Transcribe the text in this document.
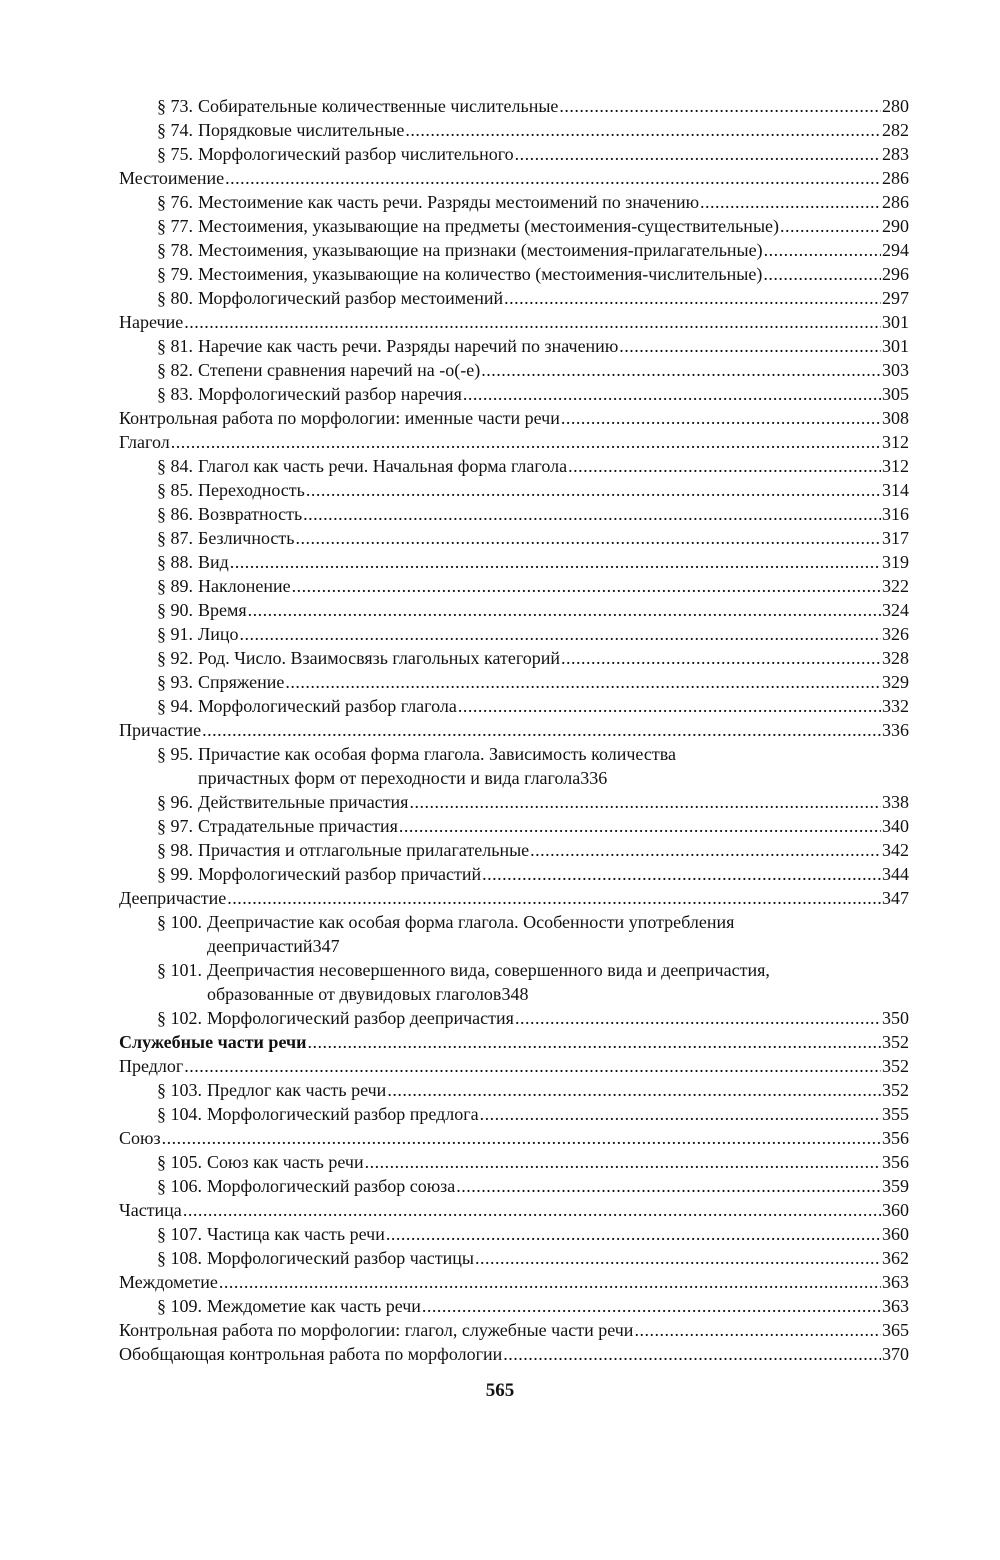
§ 73. Собирательные количественные числительные .....	280
§ 74. Порядковые числительные .....	282
§ 75. Морфологический разбор числительного .....	283
Местоимение .....	286
§ 76. Местоимение как часть речи. Разряды местоимений по значению .....	286
§ 77. Местоимения, указывающие на предметы (местоимения-существительные) .....	290
§ 78. Местоимения, указывающие на признаки (местоимения-прилагательные) .....	294
§ 79. Местоимения, указывающие на количество (местоимения-числительные) .....	296
§ 80. Морфологический разбор местоимений .....	297
Наречие .....	301
§ 81. Наречие как часть речи. Разряды наречий по значению .....	301
§ 82. Степени сравнения наречий на -о(-е) .....	303
§ 83. Морфологический разбор наречия .....	305
Контрольная работа по морфологии: именные части речи .....	308
Глагол .....	312
§ 84. Глагол как часть речи. Начальная форма глагола .....	312
§ 85. Переходность .....	314
§ 86. Возвратность .....	316
§ 87. Безличность .....	317
§ 88. Вид .....	319
§ 89. Наклонение .....	322
§ 90. Время .....	324
§ 91. Лицо .....	326
§ 92. Род. Число. Взаимосвязь глагольных категорий .....	328
§ 93. Спряжение .....	329
§ 94. Морфологический разбор глагола .....	332
Причастие .....	336
§ 95. Причастие как особая форма глагола. Зависимость количества
причастных форм от переходности и вида глагола 336
§ 96. Действительные причастия .....	338
§ 97. Страдательные причастия .....	340
§ 98. Причастия и отглагольные прилагательные .....	342
§ 99. Морфологический разбор причастий .....	344
Деепричастие .....	347
§ 100. Деепричастие как особая форма глагола. Особенности употребления
деепричастий 347
§ 101. Деепричастия несовершенного вида, совершенного вида и деепричастия,
образованные от двувидовых глаголов 348
§ 102. Морфологический разбор деепричастия .....	350
Служебные части речи .....	352
Предлог .....	352
§ 103. Предлог как часть речи .....	352
§ 104. Морфологический разбор предлога .....	355
Союз .....	356
§ 105. Союз как часть речи .....	356
§ 106. Морфологический разбор союза .....	359
Частица .....	360
§ 107. Частица как часть речи .....	360
§ 108. Морфологический разбор частицы .....	362
Междометие .....	363
§ 109. Междометие как часть речи .....	363
Контрольная работа по морфологии: глагол, служебные части речи .....	365
Обобщающая контрольная работа по морфологии .....	370
565
